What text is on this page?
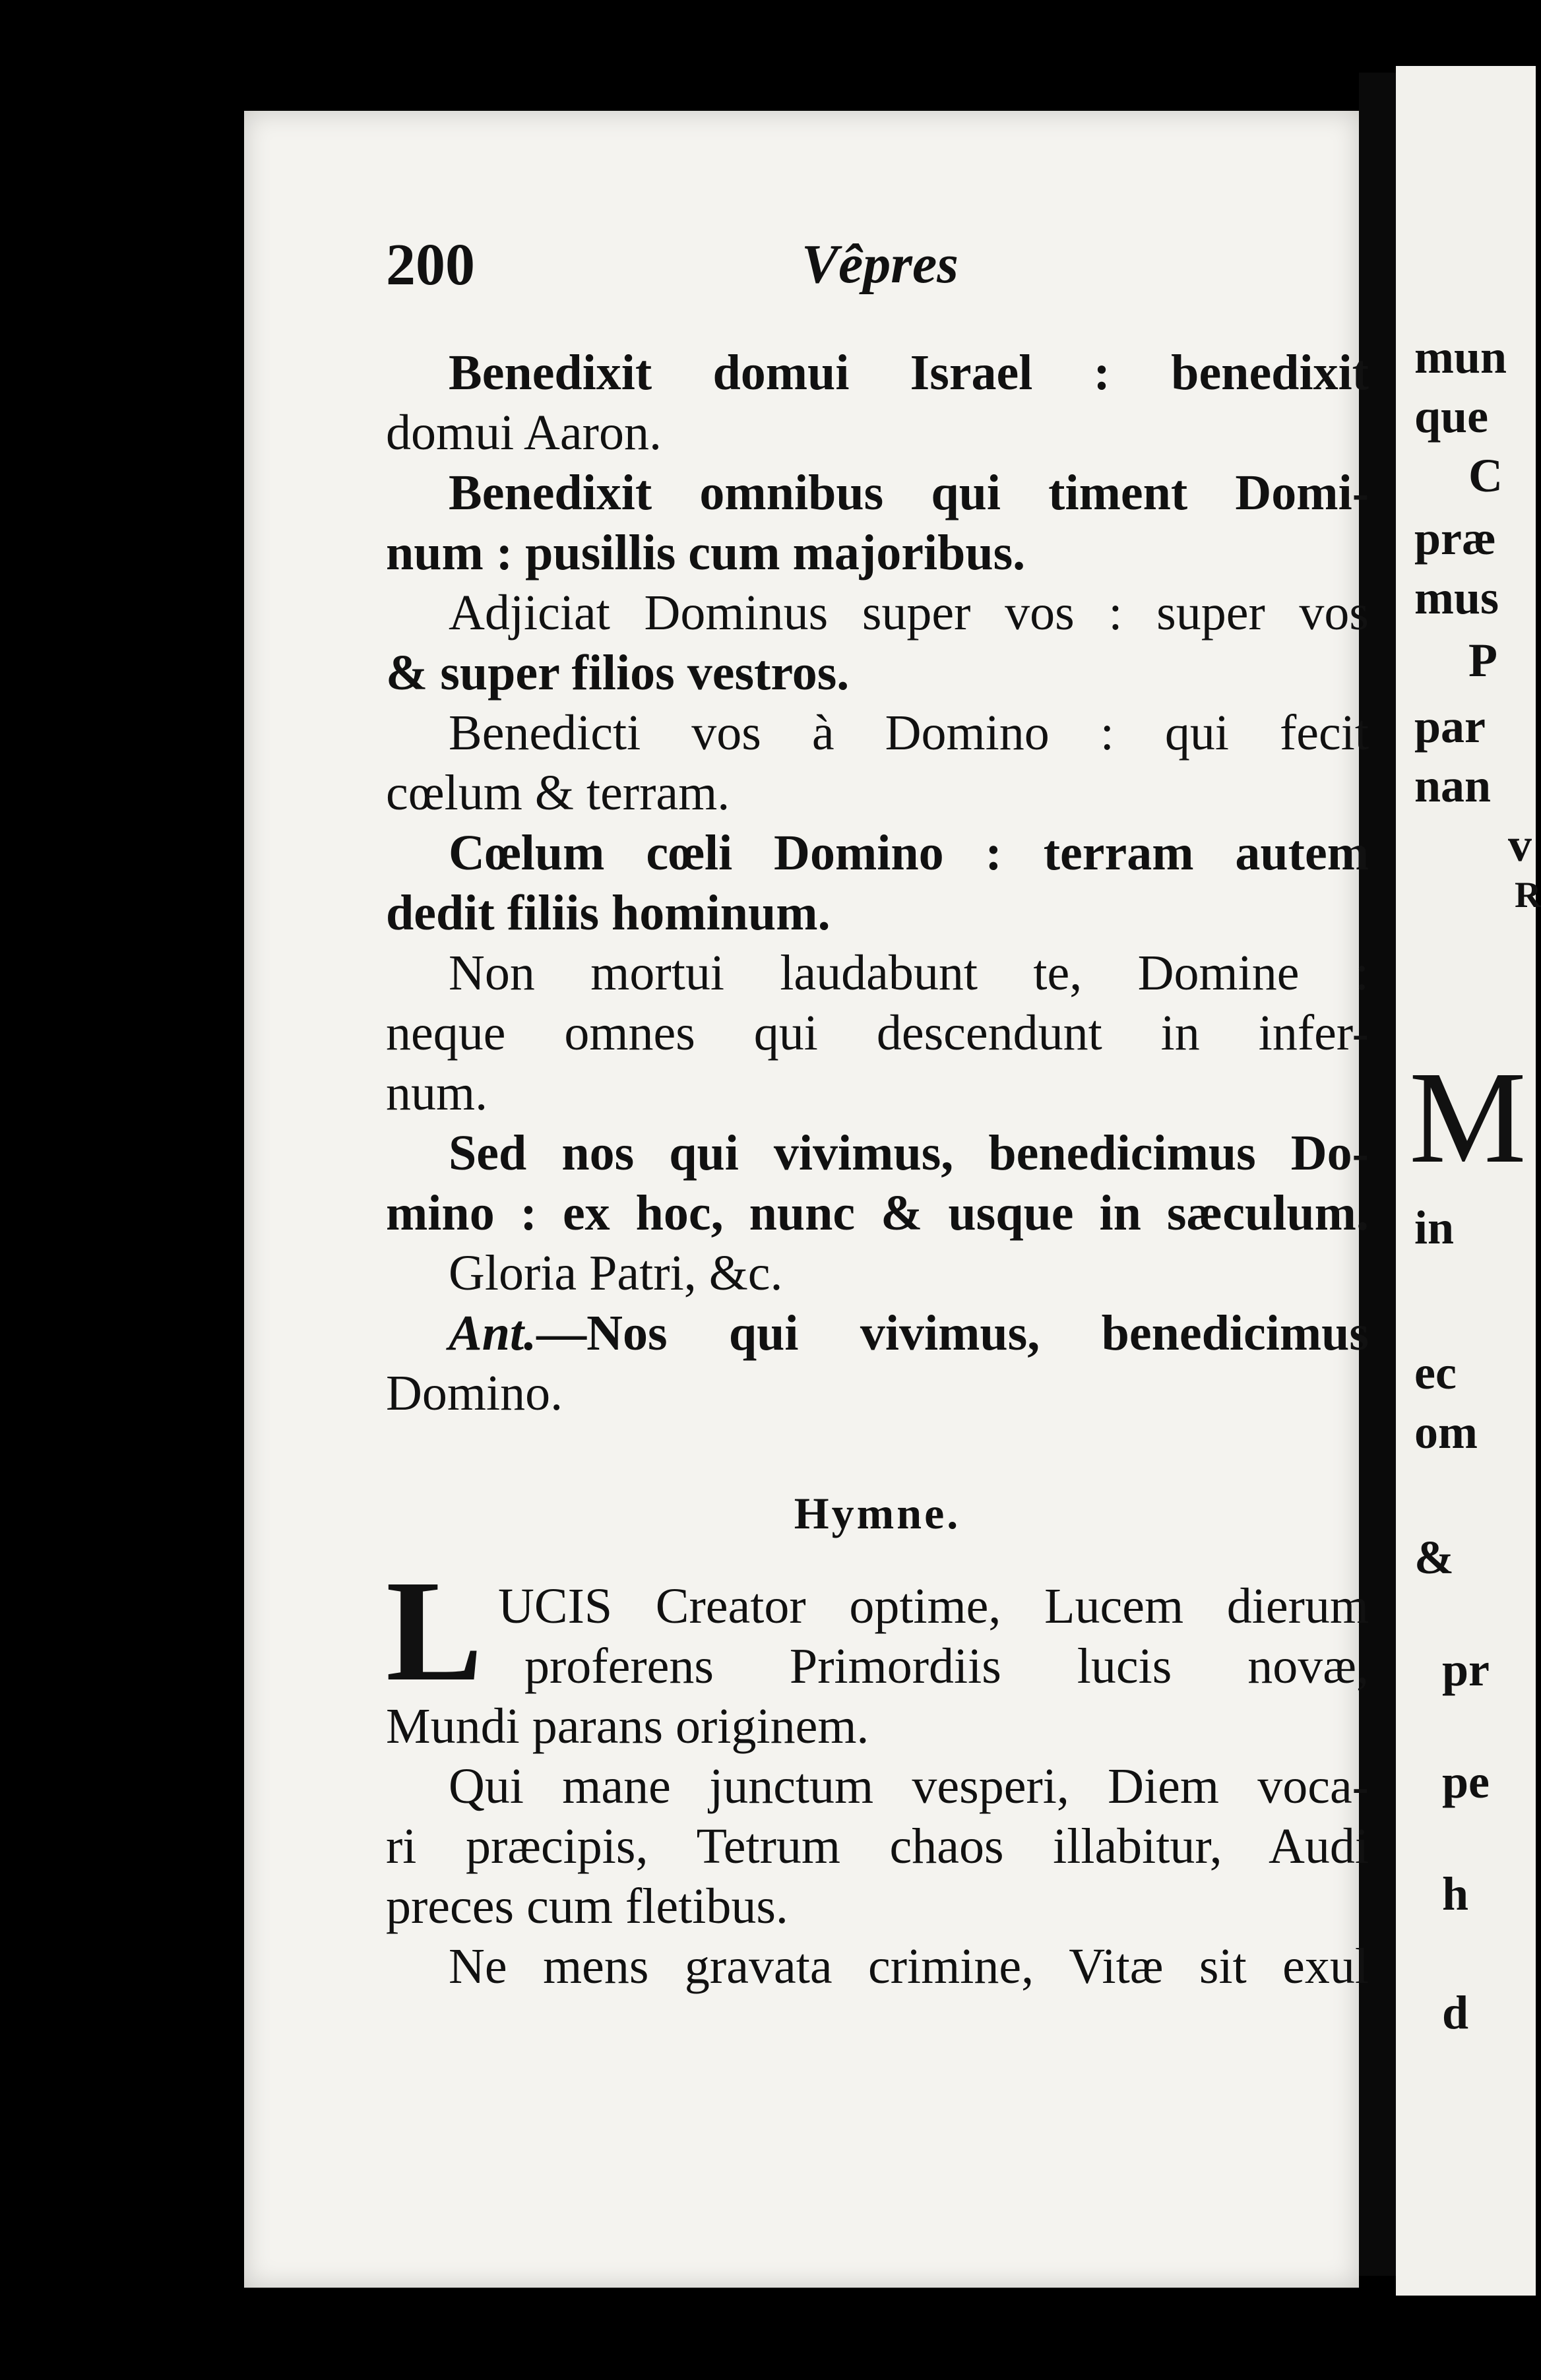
mun
que
C
præ
mus
P
par
nan
v
R
M
in
ec
om
&
pr
pe
h
d
200	Vêpres
Benedixit domui Israel : benedixit
domui Aaron.
Benedixit omnibus qui timent Domi-
num : pusillis cum majoribus.
Adjiciat Dominus super vos : super vos
& super filios vestros.
Benedicti vos à Domino : qui fecit
cœlum & terram.
Cœlum cœli Domino : terram autem
dedit filiis hominum.
Non mortui laudabunt te, Domine :
neque omnes qui descendunt in infer-
num.
Sed nos qui vivimus, benedicimus Do-
mino : ex hoc, nunc & usque in sæculum.
Gloria Patri, &c.
Ant.—Nos qui vivimus, benedicimus
Domino.
Hymne.
L UCIS Creator optime, Lucem dierum
proferens Primordiis lucis novæ,
Mundi parans originem.
Qui mane junctum vesperi, Diem voca-
ri præcipis, Tetrum chaos illabitur, Audi
preces cum fletibus.
Ne mens gravata crimine, Vitæ sit exul
